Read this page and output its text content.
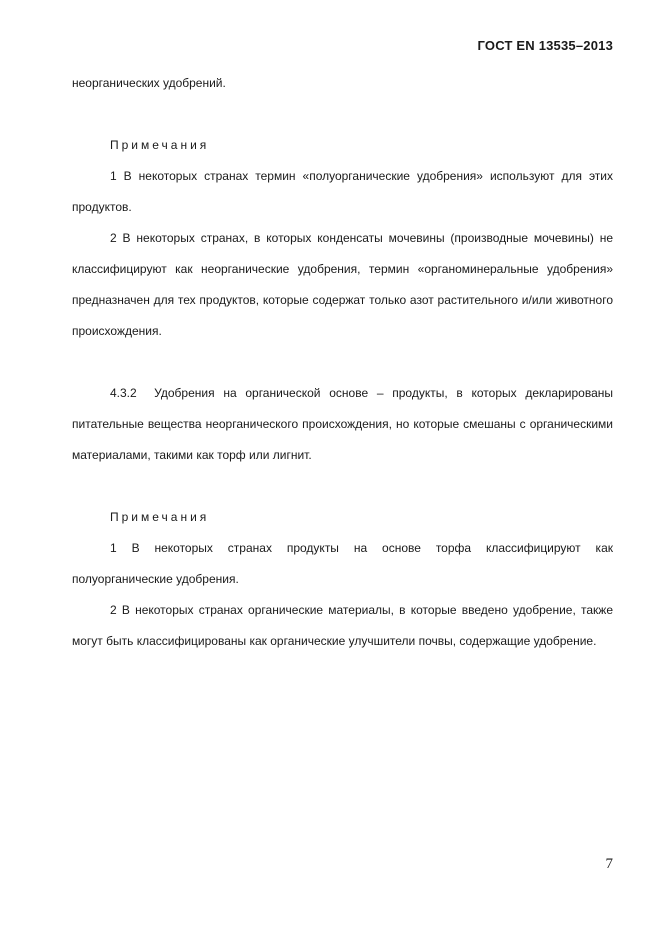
ГОСТ EN 13535–2013

неорганических удобрений.

Примечания

1 В некоторых странах термин «полуорганические удобрения» используют для этих продуктов.

2 В некоторых странах, в которых конденсаты мочевины (производные мочевины) не классифицируют как неорганические удобрения, термин «органоминеральные удобрения» предназначен для тех продуктов, которые содержат только азот растительного и/или животного происхождения.

4.3.2 Удобрения на органической основе – продукты, в которых декларированы питательные вещества неорганического происхождения, но которые смешаны с органическими материалами, такими как торф или лигнит.

Примечания

1 В некоторых странах продукты на основе торфа классифицируют как полуорганические удобрения.

2 В некоторых странах органические материалы, в которые введено удобрение, также могут быть классифицированы как органические улучшители почвы, содержащие удобрение.

7
